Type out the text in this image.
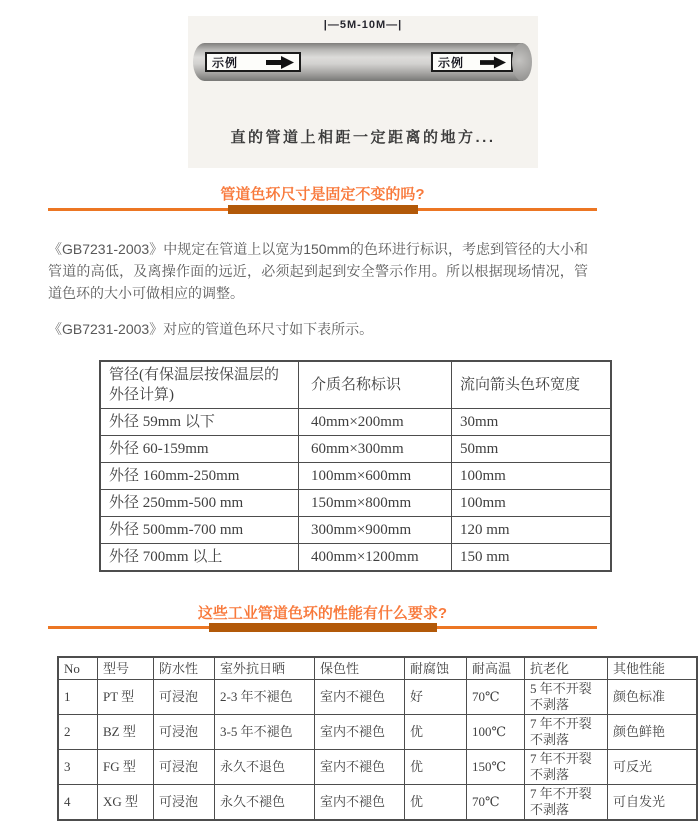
|—5M-10M—|
示例	示例
直的管道上相距一定距离的地方...
管道色环尺寸是固定不变的吗?

《GB7231-2003》中规定在管道上以宽为150mm的色环进行标识，考虑到管径的大小和管道的高低，及离操作面的远近，必须起到起到安全警示作用。所以根据现场情况，管道色环的大小可做相应的调整。

《GB7231-2003》对应的管道色环尺寸如下表所示。

管径(有保温层按保温层的外径计算)	介质名称标识	流向箭头色环宽度
外径 59mm 以下	40mm×200mm	30mm
外径 60-159mm	60mm×300mm	50mm
外径 160mm-250mm	100mm×600mm	100mm
外径 250mm-500 mm	150mm×800mm	100mm
外径 500mm-700 mm	300mm×900mm	120 mm
外径 700mm 以上	400mm×1200mm	150 mm
这些工业管道色环的性能有什么要求?
No	型号	防水性	室外抗日晒	保色性	耐腐蚀	耐高温	抗老化	其他性能
1	PT 型	可浸泡	2-3 年不褪色	室内不褪色	好	70℃	5 年不开裂 不剥落	颜色标准
2	BZ 型	可浸泡	3-5 年不褪色	室内不褪色	优	100℃	7 年不开裂 不剥落	颜色鲜艳
3	FG 型	可浸泡	永久不退色	室内不褪色	优	150℃	7 年不开裂 不剥落	可反光
4	XG 型	可浸泡	永久不褪色	室内不褪色	优	70℃	7 年不开裂 不剥落	可自发光
